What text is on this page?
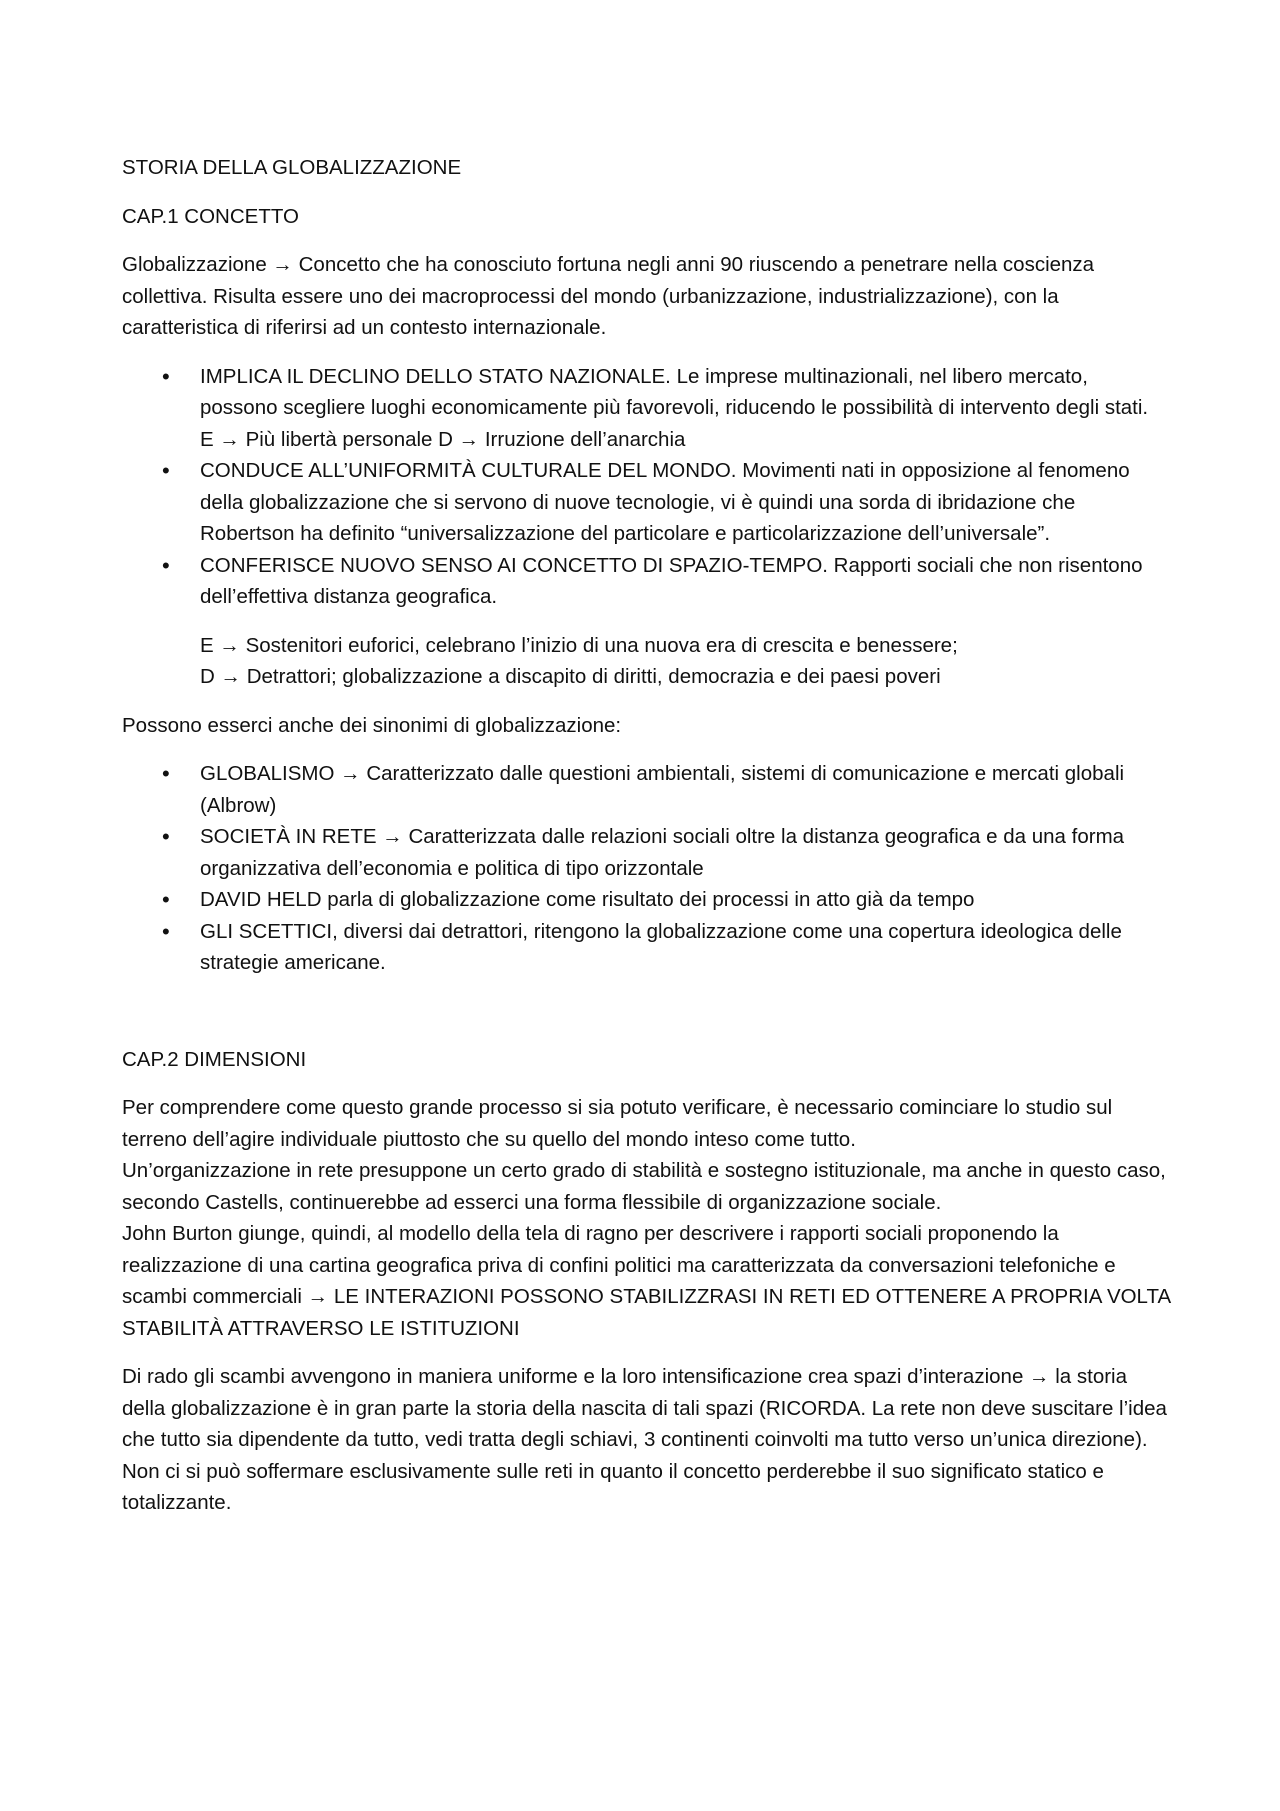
STORIA DELLA GLOBALIZZAZIONE

CAP.1 CONCETTO

Globalizzazione → Concetto che ha conosciuto fortuna negli anni 90 riuscendo a penetrare nella coscienza collettiva. Risulta essere uno dei macroprocessi del mondo (urbanizzazione, industrializzazione), con la caratteristica di riferirsi ad un contesto internazionale.

• IMPLICA IL DECLINO DELLO STATO NAZIONALE. Le imprese multinazionali, nel libero mercato, possono scegliere luoghi economicamente più favorevoli, riducendo le possibilità di intervento degli stati.
E → Più libertà personale D → Irruzione dell’anarchia
• CONDUCE ALL’UNIFORMITÀ CULTURALE DEL MONDO. Movimenti nati in opposizione al fenomeno della globalizzazione che si servono di nuove tecnologie, vi è quindi una sorda di ibridazione che Robertson ha definito “universalizzazione del particolare e particolarizzazione dell’universale”.
• CONFERISCE NUOVO SENSO AI CONCETTO DI SPAZIO-TEMPO. Rapporti sociali che non risentono dell’effettiva distanza geografica.
E → Sostenitori euforici, celebrano l’inizio di una nuova era di crescita e benessere;
D → Detrattori; globalizzazione a discapito di diritti, democrazia e dei paesi poveri

Possono esserci anche dei sinonimi di globalizzazione:

• GLOBALISMO → Caratterizzato dalle questioni ambientali, sistemi di comunicazione e mercati globali (Albrow)
• SOCIETÀ IN RETE → Caratterizzata dalle relazioni sociali oltre la distanza geografica e da una forma organizzativa dell’economia e politica di tipo orizzontale
• DAVID HELD parla di globalizzazione come risultato dei processi in atto già da tempo
• GLI SCETTICI, diversi dai detrattori, ritengono la globalizzazione come una copertura ideologica delle strategie americane.

CAP.2 DIMENSIONI

Per comprendere come questo grande processo si sia potuto verificare, è necessario cominciare lo studio sul terreno dell’agire individuale piuttosto che su quello del mondo inteso come tutto.
Un’organizzazione in rete presuppone un certo grado di stabilità e sostegno istituzionale, ma anche in questo caso, secondo Castells, continuerebbe ad esserci una forma flessibile di organizzazione sociale.
John Burton giunge, quindi, al modello della tela di ragno per descrivere i rapporti sociali proponendo la realizzazione di una cartina geografica priva di confini politici ma caratterizzata da conversazioni telefoniche e scambi commerciali → LE INTERAZIONI POSSONO STABILIZZRASI IN RETI ED OTTENERE A PROPRIA VOLTA STABILITÀ ATTRAVERSO LE ISTITUZIONI
Di rado gli scambi avvengono in maniera uniforme e la loro intensificazione crea spazi d’interazione → la storia della globalizzazione è in gran parte la storia della nascita di tali spazi (RICORDA. La rete non deve suscitare l’idea che tutto sia dipendente da tutto, vedi tratta degli schiavi, 3 continenti coinvolti ma tutto verso un’unica direzione).
Non ci si può soffermare esclusivamente sulle reti in quanto il concetto perderebbe il suo significato statico e totalizzante.
